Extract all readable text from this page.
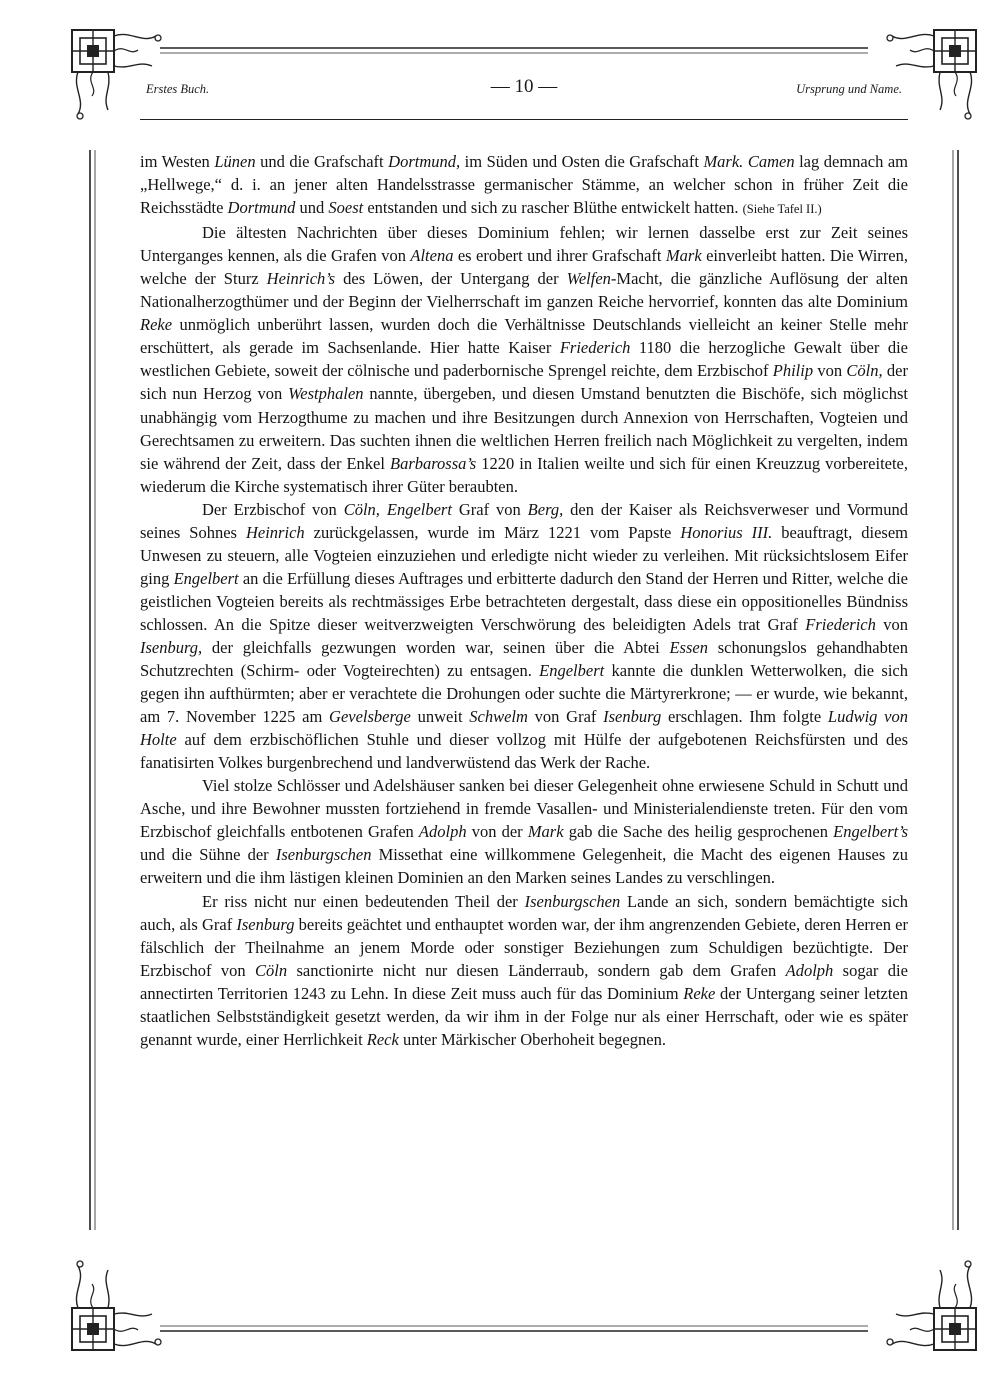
Erstes Buch.	— 10 —	Ursprung und Name.

im Westen Lünen und die Grafschaft Dortmund, im Süden und Osten die Grafschaft Mark. Camen lag demnach am „Hellwege,“ d. i. an jener alten Handelsstrasse germanischer Stämme, an welcher schon in früher Zeit die Reichsstädte Dortmund und Soest entstanden und sich zu rascher Blüthe entwickelt hatten. (Siehe Tafel II.)

Die ältesten Nachrichten über dieses Dominium fehlen; wir lernen dasselbe erst zur Zeit seines Unterganges kennen, als die Grafen von Altena es erobert und ihrer Grafschaft Mark einverleibt hatten. Die Wirren, welche der Sturz Heinrich’s des Löwen, der Untergang der Welfen-Macht, die gänzliche Auflösung der alten Nationalherzogthümer und der Beginn der Vielherrschaft im ganzen Reiche hervorrief, konnten das alte Dominium Reke unmöglich unberührt lassen, wurden doch die Verhältnisse Deutschlands vielleicht an keiner Stelle mehr erschüttert, als gerade im Sachsenlande. Hier hatte Kaiser Friederich 1180 die herzogliche Gewalt über die westlichen Gebiete, soweit der cölnische und paderbornische Sprengel reichte, dem Erzbischof Philip von Cöln, der sich nun Herzog von Westphalen nannte, übergeben, und diesen Umstand benutzten die Bischöfe, sich möglichst unabhängig vom Herzogthume zu machen und ihre Besitzungen durch Annexion von Herrschaften, Vogteien und Gerechtsamen zu erweitern. Das suchten ihnen die weltlichen Herren freilich nach Möglichkeit zu vergelten, indem sie während der Zeit, dass der Enkel Barbarossa’s 1220 in Italien weilte und sich für einen Kreuzzug vorbereitete, wiederum die Kirche systematisch ihrer Güter beraubten.

Der Erzbischof von Cöln, Engelbert Graf von Berg, den der Kaiser als Reichsverweser und Vormund seines Sohnes Heinrich zurückgelassen, wurde im März 1221 vom Papste Honorius III. beauftragt, diesem Unwesen zu steuern, alle Vogteien einzuziehen und erledigte nicht wieder zu verleihen. Mit rücksichtslosem Eifer ging Engelbert an die Erfüllung dieses Auftrages und erbitterte dadurch den Stand der Herren und Ritter, welche die geistlichen Vogteien bereits als rechtmässiges Erbe betrachteten dergestalt, dass diese ein oppositionelles Bündniss schlossen. An die Spitze dieser weitverzweigten Verschwörung des beleidigten Adels trat Graf Friederich von Isenburg, der gleichfalls gezwungen worden war, seinen über die Abtei Essen schonungslos gehandhabten Schutzrechten (Schirm- oder Vogteirechten) zu entsagen. Engelbert kannte die dunklen Wetterwolken, die sich gegen ihn aufthürmten; aber er verachtete die Drohungen oder suchte die Märtyrerkrone; — er wurde, wie bekannt, am 7. November 1225 am Gevelsberge unweit Schwelm von Graf Isenburg erschlagen. Ihm folgte Ludwig von Holte auf dem erzbischöflichen Stuhle und dieser vollzog mit Hülfe der aufgebotenen Reichsfürsten und des fanatisirten Volkes burgenbrechend und landverwüstend das Werk der Rache.

Viel stolze Schlösser und Adelshäuser sanken bei dieser Gelegenheit ohne erwiesene Schuld in Schutt und Asche, und ihre Bewohner mussten fortziehend in fremde Vasallen- und Ministerialendienste treten. Für den vom Erzbischof gleichfalls entbotenen Grafen Adolph von der Mark gab die Sache des heilig gesprochenen Engelbert’s und die Sühne der Isenburgschen Missethat eine willkommene Gelegenheit, die Macht des eigenen Hauses zu erweitern und die ihm lästigen kleinen Dominien an den Marken seines Landes zu verschlingen.

Er riss nicht nur einen bedeutenden Theil der Isenburgschen Lande an sich, sondern bemächtigte sich auch, als Graf Isenburg bereits geächtet und enthauptet worden war, der ihm angrenzenden Gebiete, deren Herren er fälschlich der Theilnahme an jenem Morde oder sonstiger Beziehungen zum Schuldigen bezüchtigte. Der Erzbischof von Cöln sanctionirte nicht nur diesen Länderraub, sondern gab dem Grafen Adolph sogar die annectirten Territorien 1243 zu Lehn. In diese Zeit muss auch für das Dominium Reke der Untergang seiner letzten staatlichen Selbstständigkeit gesetzt werden, da wir ihm in der Folge nur als einer Herrschaft, oder wie es später genannt wurde, einer Herrlichkeit Reck unter Märkischer Oberhoheit begegnen.
